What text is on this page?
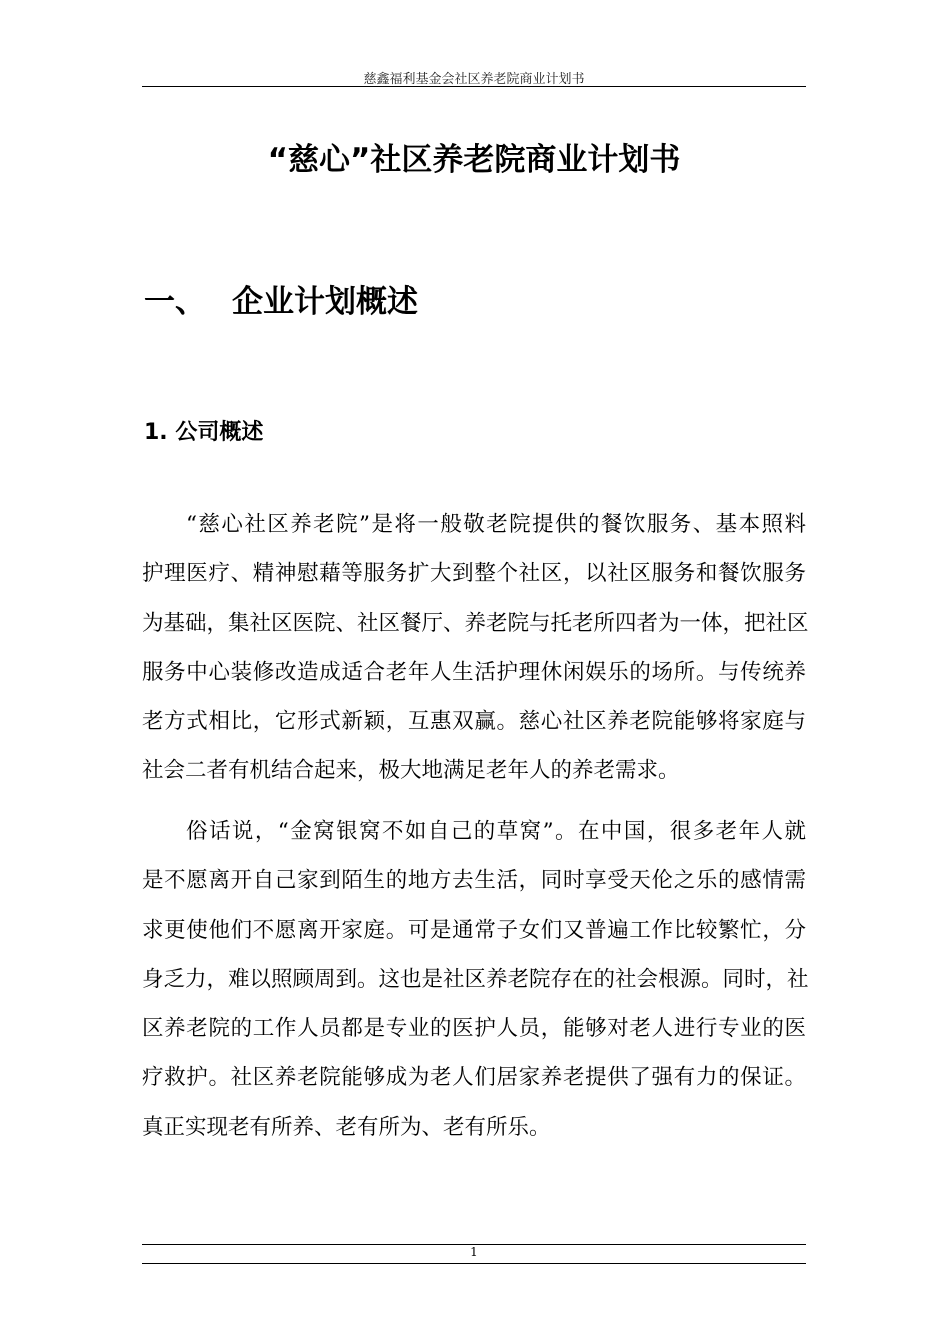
慈鑫福利基金会社区养老院商业计划书
“慈心”社区养老院商业计划书
一、 企业计划概述
1. 公司概述
“慈心社区养老院”是将一般敬老院提供的餐饮服务、基本照料
护理医疗、精神慰藉等服务扩大到整个社区，以社区服务和餐饮服务
为基础，集社区医院、社区餐厅、养老院与托老所四者为一体，把社区
服务中心装修改造成适合老年人生活护理休闲娱乐的场所。与传统养
老方式相比，它形式新颖，互惠双赢。慈心社区养老院能够将家庭与
社会二者有机结合起来，极大地满足老年人的养老需求。
俗话说，“金窝银窝不如自己的草窝”。在中国，很多老年人就
是不愿离开自己家到陌生的地方去生活，同时享受天伦之乐的感情需
求更使他们不愿离开家庭。可是通常子女们又普遍工作比较繁忙，分
身乏力，难以照顾周到。这也是社区养老院存在的社会根源。同时，社
区养老院的工作人员都是专业的医护人员，能够对老人进行专业的医
疗救护。社区养老院能够成为老人们居家养老提供了强有力的保证。
真正实现老有所养、老有所为、老有所乐。
1
